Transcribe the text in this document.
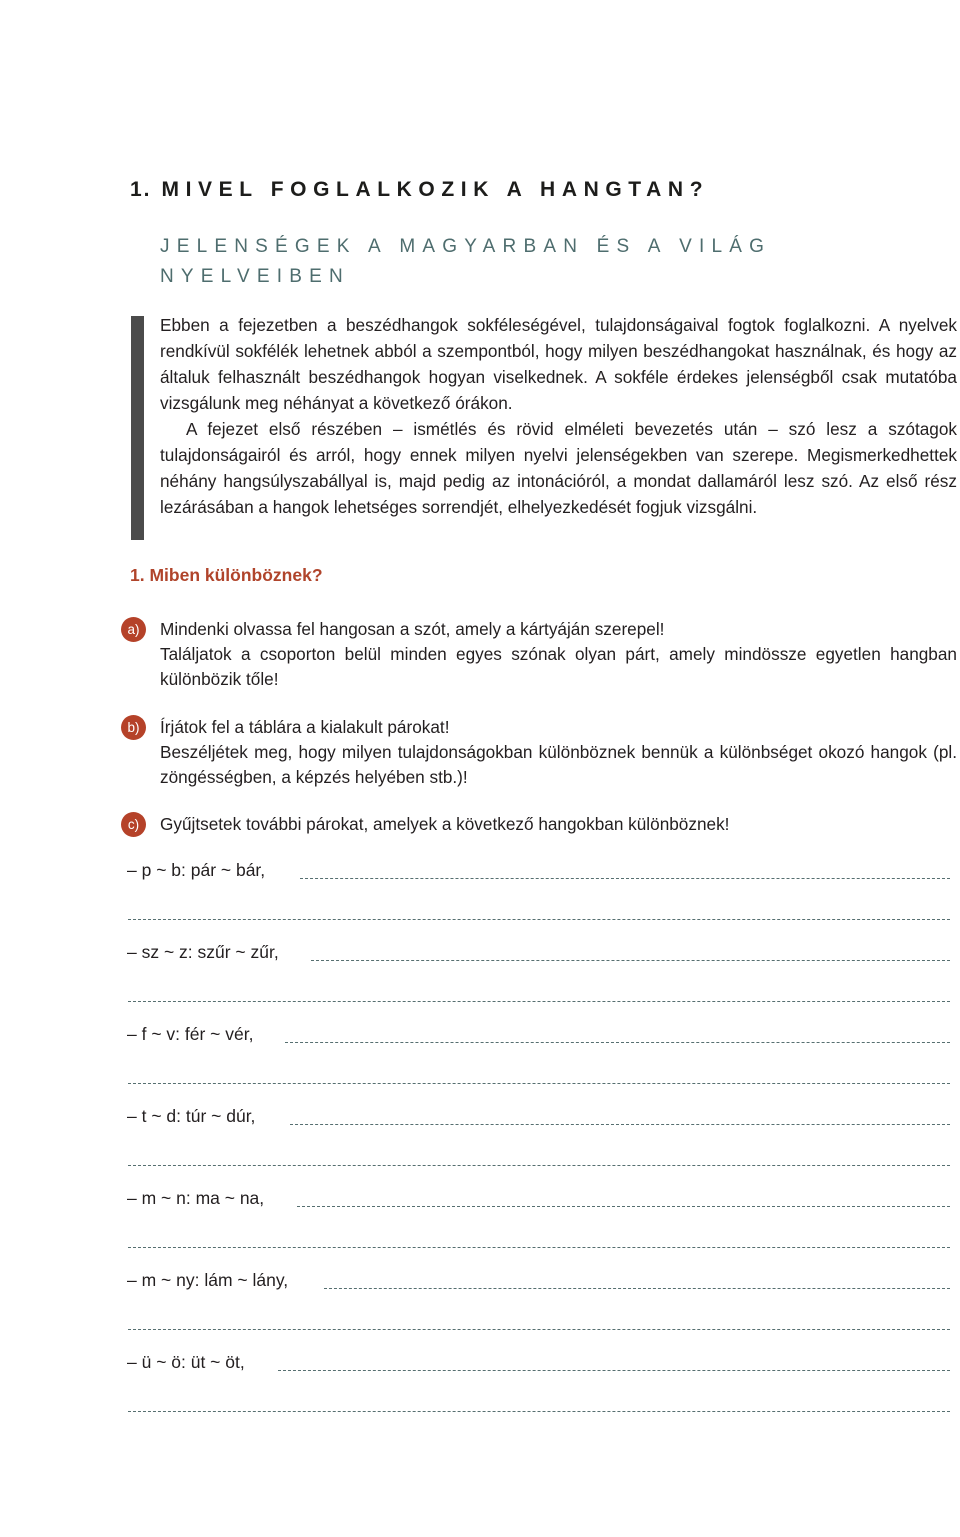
1. MIVEL FOGLALKOZIK A HANGTAN?
JELENSÉGEK A MAGYARBAN ÉS A VILÁG
NYELVEIBEN

Ebben a fejezetben a beszédhangok sokféleségével, tulajdonságaival fogtok foglalkozni. A nyelvek rendkívül sokfélék lehetnek abból a szempontból, hogy milyen beszédhangokat használnak, és hogy az általuk felhasznált beszédhangok hogyan viselkednek. A sokféle érdekes jelenségből csak mutatóba vizsgálunk meg néhányat a következő órákon.

A fejezet első részében – ismétlés és rövid elméleti bevezetés után – szó lesz a szótagok tulajdonságairól és arról, hogy ennek milyen nyelvi jelenségekben van szerepe. Megismerkedhettek néhány hangsúlyszabállyal is, majd pedig az intonációról, a mondat dallamáról lesz szó. Az első rész lezárásában a hangok lehetséges sorrendjét, elhelyezkedését fogjuk vizsgálni.

1. Miben különböznek?
a)	Mindenki olvassa fel hangosan a szót, amely a kártyáján szerepel!

Találjatok a csoporton belül minden egyes szónak olyan párt, amely mindössze egyetlen hangban különbözik tőle!

b)	Írjátok fel a táblára a kialakult párokat!

Beszéljétek meg, hogy milyen tulajdonságokban különböznek bennük a különbséget okozó hangok (pl. zöngésségben, a képzés helyében stb.)!

c)	Gyűjtsetek további párokat, amelyek a következő hangokban különböznek!

– p ~ b: pár ~ bár,
– sz ~ z: szűr ~ zűr,
– f ~ v: fér ~ vér,
– t ~ d: túr ~ dúr,
– m ~ n: ma ~ na,
– m ~ ny: lám ~ lány,
– ü ~ ö: üt ~ öt,
